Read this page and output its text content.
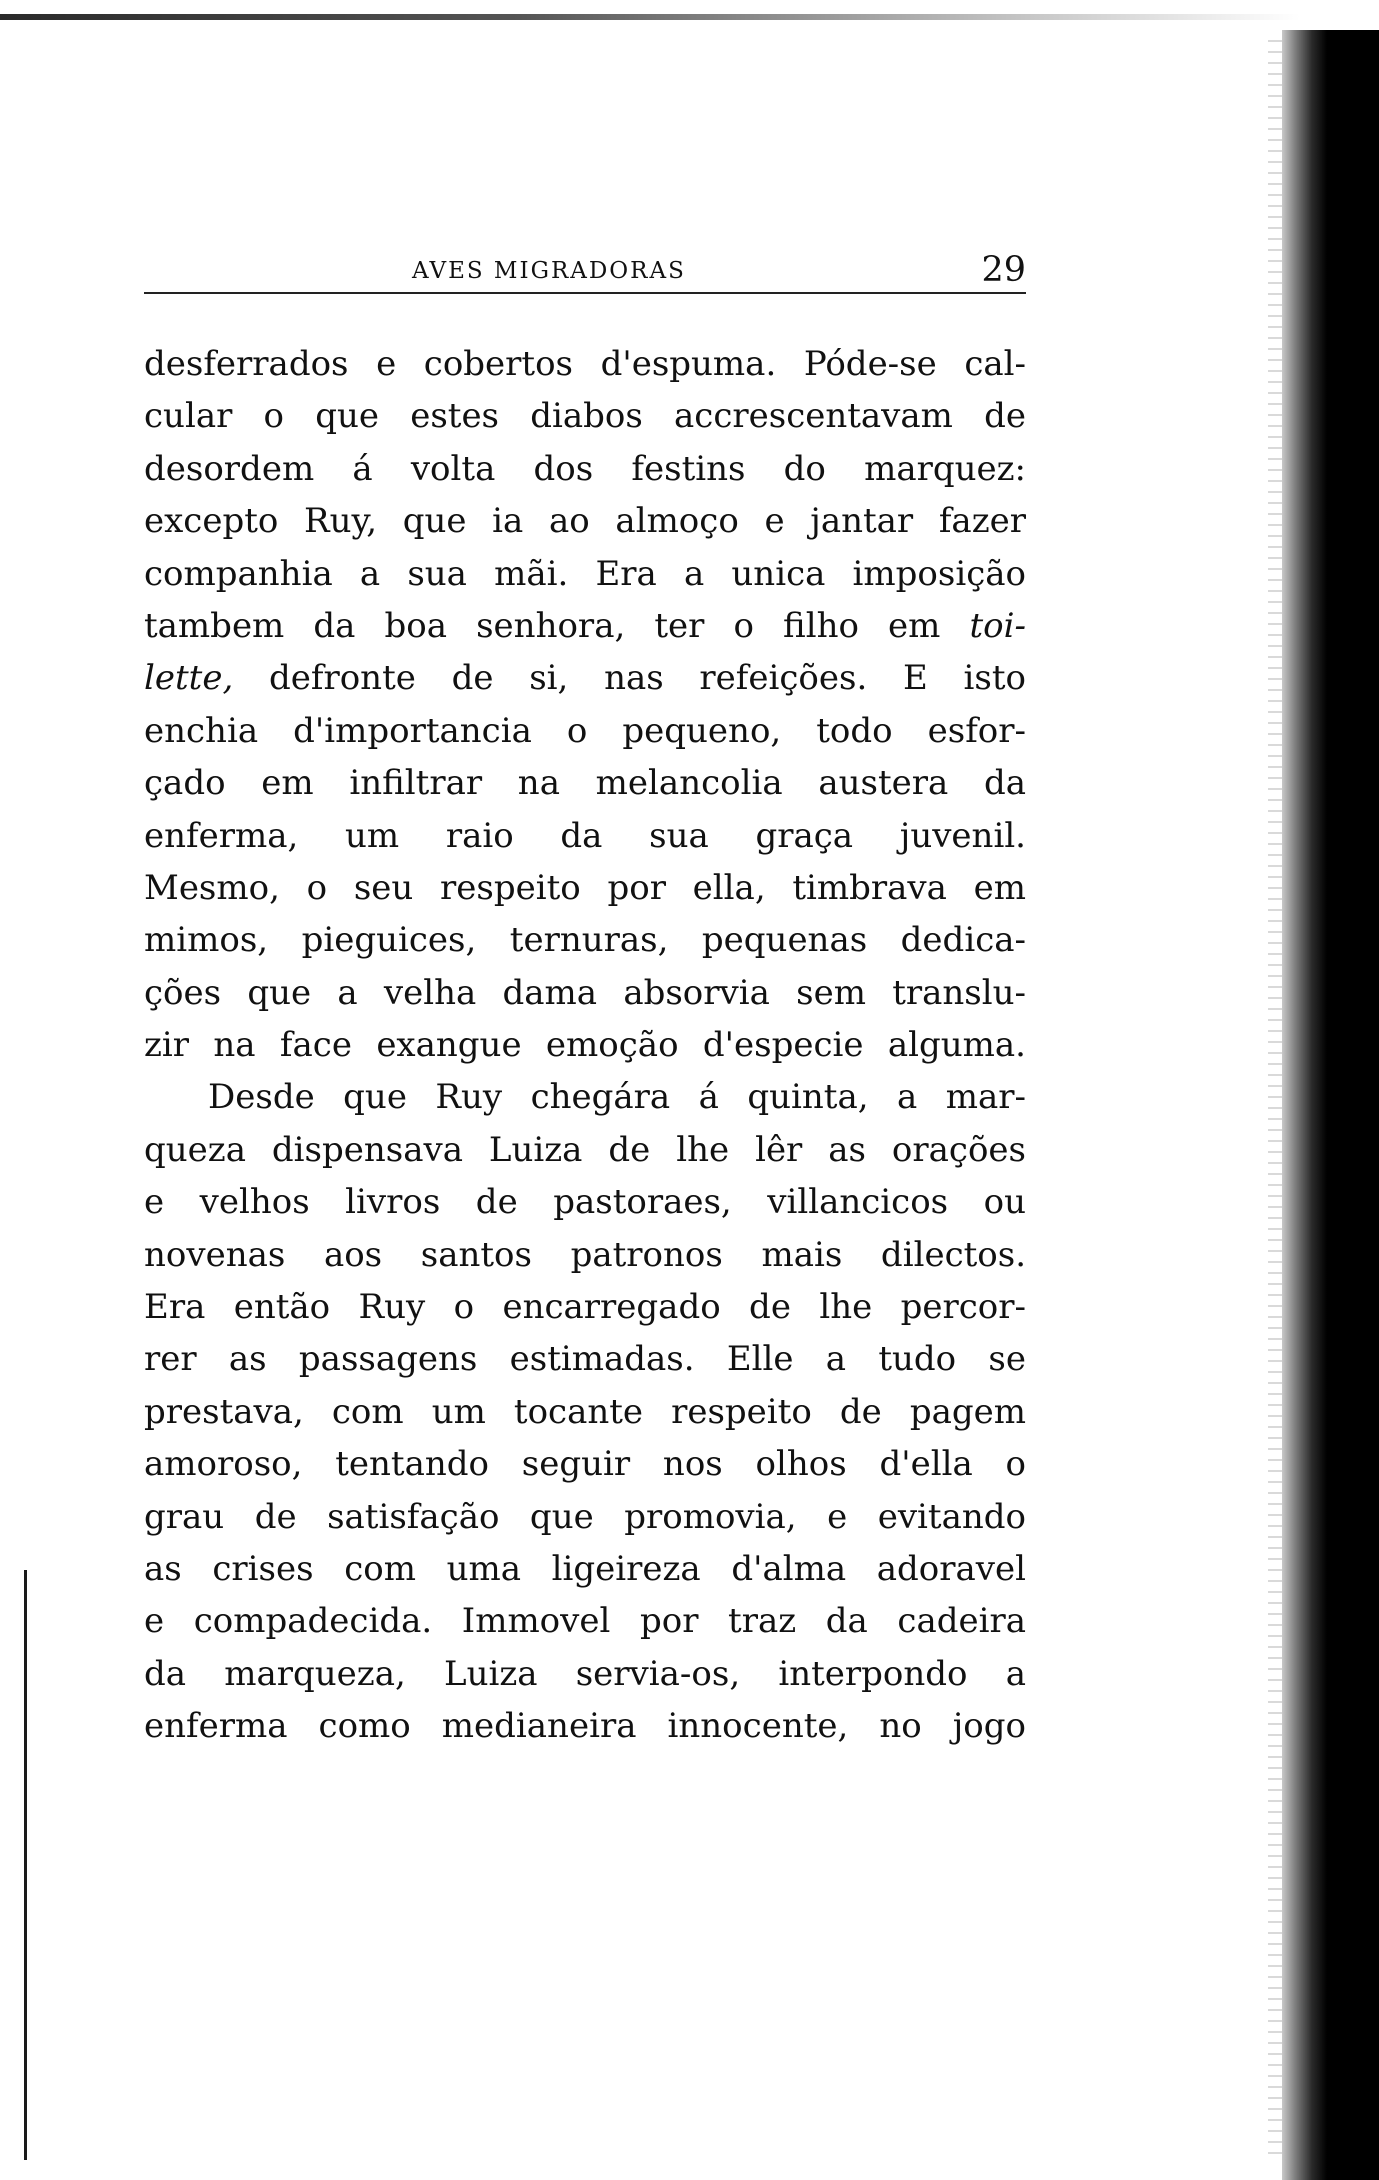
AVES MIGRADORAS	29
desferrados e cobertos d'espuma. Póde-se cal-
cular o que estes diabos accrescentavam de
desordem á volta dos festins do marquez:
excepto Ruy, que ia ao almoço e jantar fazer
companhia a sua mãi. Era a unica imposição
tambem da boa senhora, ter o filho em toi-
lette, defronte de si, nas refeições. E isto
enchia d'importancia o pequeno, todo esfor-
çado em infiltrar na melancolia austera da
enferma, um raio da sua graça juvenil.
Mesmo, o seu respeito por ella, timbrava em
mimos, pieguices, ternuras, pequenas dedica-
ções que a velha dama absorvia sem translu-
zir na face exangue emoção d'especie alguma.
Desde que Ruy chegára á quinta, a mar-
queza dispensava Luiza de lhe lêr as orações
e velhos livros de pastoraes, villancicos ou
novenas aos santos patronos mais dilectos.
Era então Ruy o encarregado de lhe percor-
rer as passagens estimadas. Elle a tudo se
prestava, com um tocante respeito de pagem
amoroso, tentando seguir nos olhos d'ella o
grau de satisfação que promovia, e evitando
as crises com uma ligeireza d'alma adoravel
e compadecida. Immovel por traz da cadeira
da marqueza, Luiza servia-os, interpondo a
enferma como medianeira innocente, no jogo
